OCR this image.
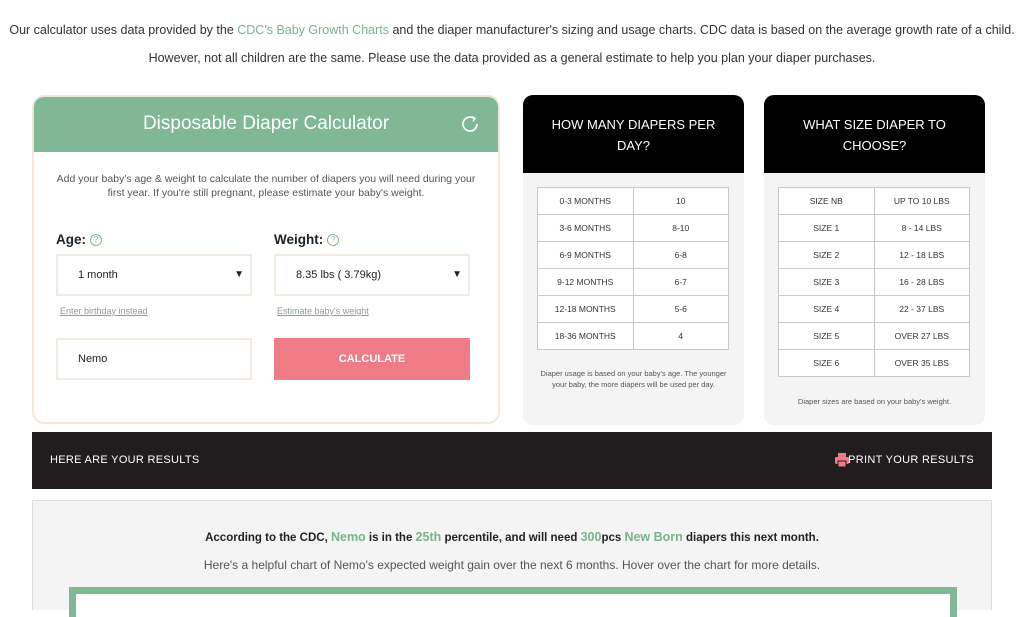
Our calculator uses data provided by the CDC's Baby Growth Charts and the diaper manufacturer's sizing and usage charts. CDC data is based on the average growth rate of a child.
However, not all children are the same. Please use the data provided as a general estimate to help you plan your diaper purchases.
Disposable Diaper Calculator
Add your baby's age & weight to calculate the number of diapers you will need during your first year. If you're still pregnant, please estimate your baby's weight.
Age: ?	Weight: ?
1 month	▼	8.35 lbs ( 3.79kg)	▼
Enter birthday instead	Estimate baby's weight
Nemo	CALCULATE
HOW MANY DIAPERS PER
DAY?
0-3 MONTHS	10
3-6 MONTHS	8-10
6-9 MONTHS	6-8
9-12 MONTHS	6-7
12-18 MONTHS	5-6
18-36 MONTHS	4
Diaper usage is based on your baby's age. The younger your baby, the more diapers will be used per day.
WHAT SIZE DIAPER TO
CHOOSE?
SIZE NB	UP TO 10 LBS
SIZE 1	8 - 14 LBS
SIZE 2	12 - 18 LBS
SIZE 3	16 - 28 LBS
SIZE 4	22 - 37 LBS
SIZE 5	OVER 27 LBS
SIZE 6	OVER 35 LBS
Diaper sizes are based on your baby's weight.
HERE ARE YOUR RESULTS	PRINT YOUR RESULTS
According to the CDC, Nemo is in the 25th percentile, and will need 300pcs New Born diapers this next month.
Here's a helpful chart of Nemo's expected weight gain over the next 6 months. Hover over the chart for more details.
